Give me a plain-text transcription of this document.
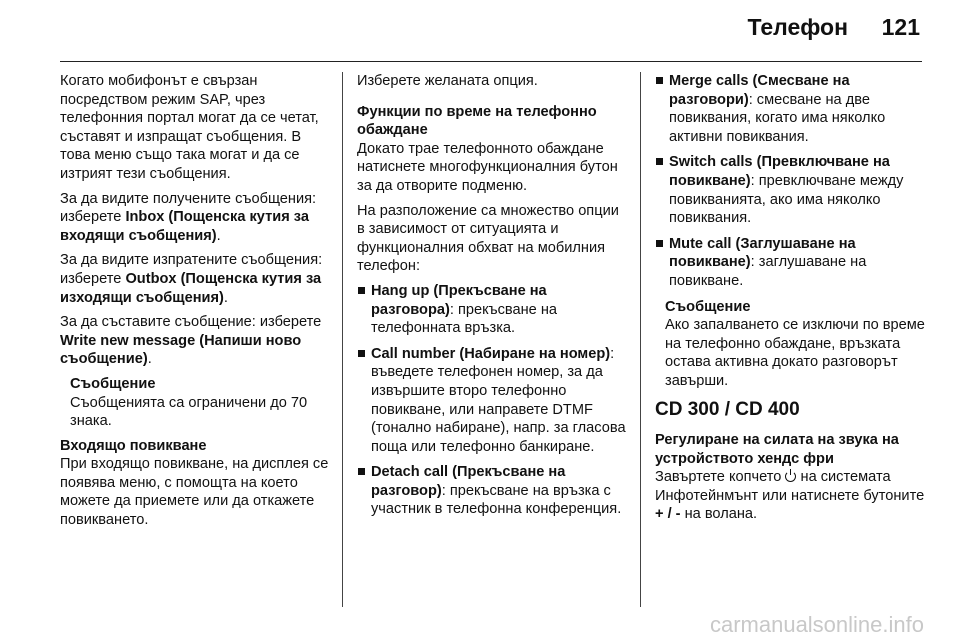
Телефон 121

Когато мобифонът е свързан посредством режим SAP, чрез телефонния портал могат да се четат, съставят и изпращат съобщения. В това меню също така могат и да се изтрият тези съобщения.

За да видите получените съобщения: изберете Inbox (Пощенска кутия за входящи съобщения).

За да видите изпратените съобщения: изберете Outbox (Пощенска кутия за изходящи съобщения).

За да съставите съобщение: изберете Write new message (Напиши ново съобщение).

Съобщение
Съобщенията са ограничени до 70 знака.
Входящо повикване

При входящо повикване, на дисплея се появява меню, с помощта на което можете да приемете или да откажете повикването.

Изберете желаната опция.

Функции по време на телефонно обаждане

Докато трае телефонното обаждане натиснете многофункционалния бутон за да отворите подменю.

На разположение са множество опции в зависимост от ситуацията и функционалния обхват на мобилния телефон:

Hang up (Прекъсване на разговора): прекъсване на телефонната връзка.
Call number (Набиране на номер): въведете телефонен номер, за да извършите второ телефонно повикване, или направете DTMF (тонално набиране), напр. за гласова поща или телефонно банкиране.
Detach call (Прекъсване на разговор): прекъсване на връзка с участник в телефонна конференция.
Merge calls (Смесване на разговори): смесване на две повиквания, когато има няколко активни повиквания.
Switch calls (Превключване на повикване): превключване между повикванията, ако има няколко повиквания.
Mute call (Заглушаване на повикване): заглушаване на повикване.
Съобщение
Ако запалването се изключи по време на телефонно обаждане, връзката остава активна докато разговорът завърши.
CD 300 / CD 400
Регулиране на силата на звука на устройството хендс фри

Завъртете копчето  на системата Инфотейнмънт или натиснете бутоните + / - на волана.

carmanualsonline.info
